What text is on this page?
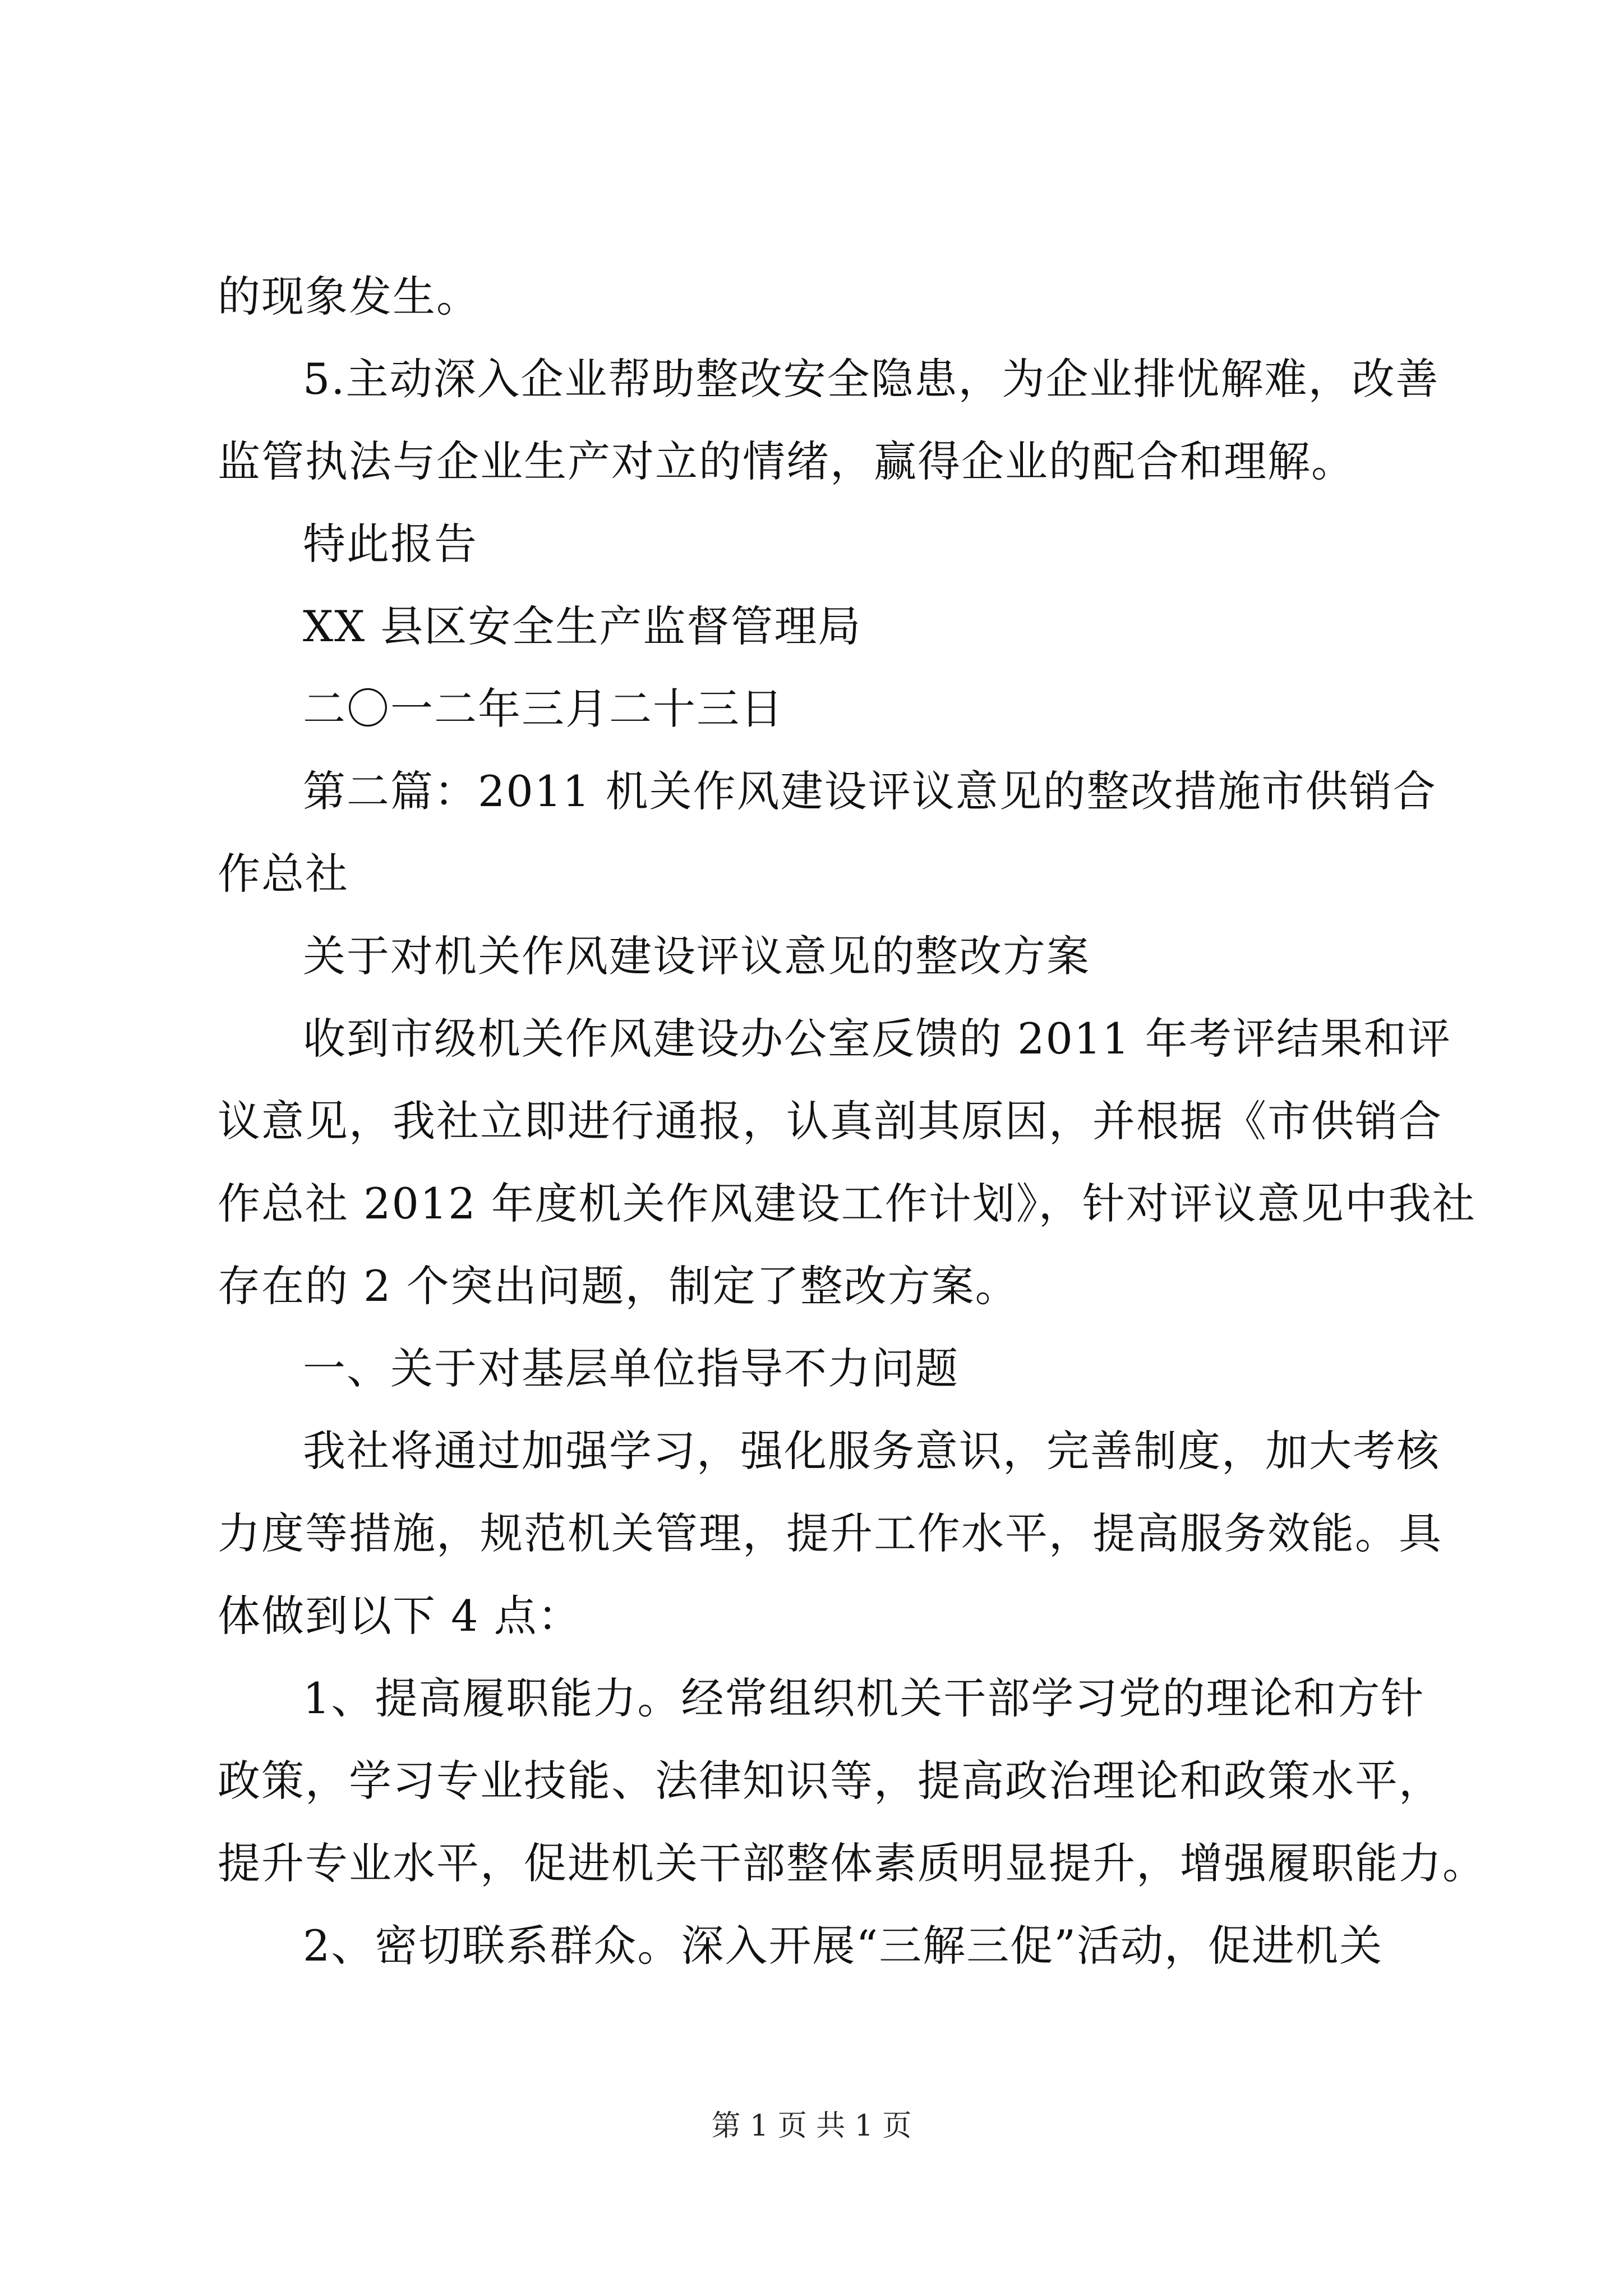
的现象发生。
5.主动深入企业帮助整改安全隐患，为企业排忧解难，改善
监管执法与企业生产对立的情绪，赢得企业的配合和理解。
特此报告
XX 县区安全生产监督管理局
二〇一二年三月二十三日
第二篇：2011 机关作风建设评议意见的整改措施市供销合
作总社
关于对机关作风建设评议意见的整改方案
收到市级机关作风建设办公室反馈的 2011 年考评结果和评
议意见，我社立即进行通报，认真剖其原因，并根据《市供销合
作总社 2012 年度机关作风建设工作计划》，针对评议意见中我社
存在的 2 个突出问题，制定了整改方案。
一、关于对基层单位指导不力问题
我社将通过加强学习，强化服务意识，完善制度，加大考核
力度等措施，规范机关管理，提升工作水平，提高服务效能。具
体做到以下 4 点：
1、提高履职能力。经常组织机关干部学习党的理论和方针
政策，学习专业技能、法律知识等，提高政治理论和政策水平，
提升专业水平，促进机关干部整体素质明显提升，增强履职能力。
2、密切联系群众。深入开展“三解三促”活动，促进机关
第 1 页 共 1 页
